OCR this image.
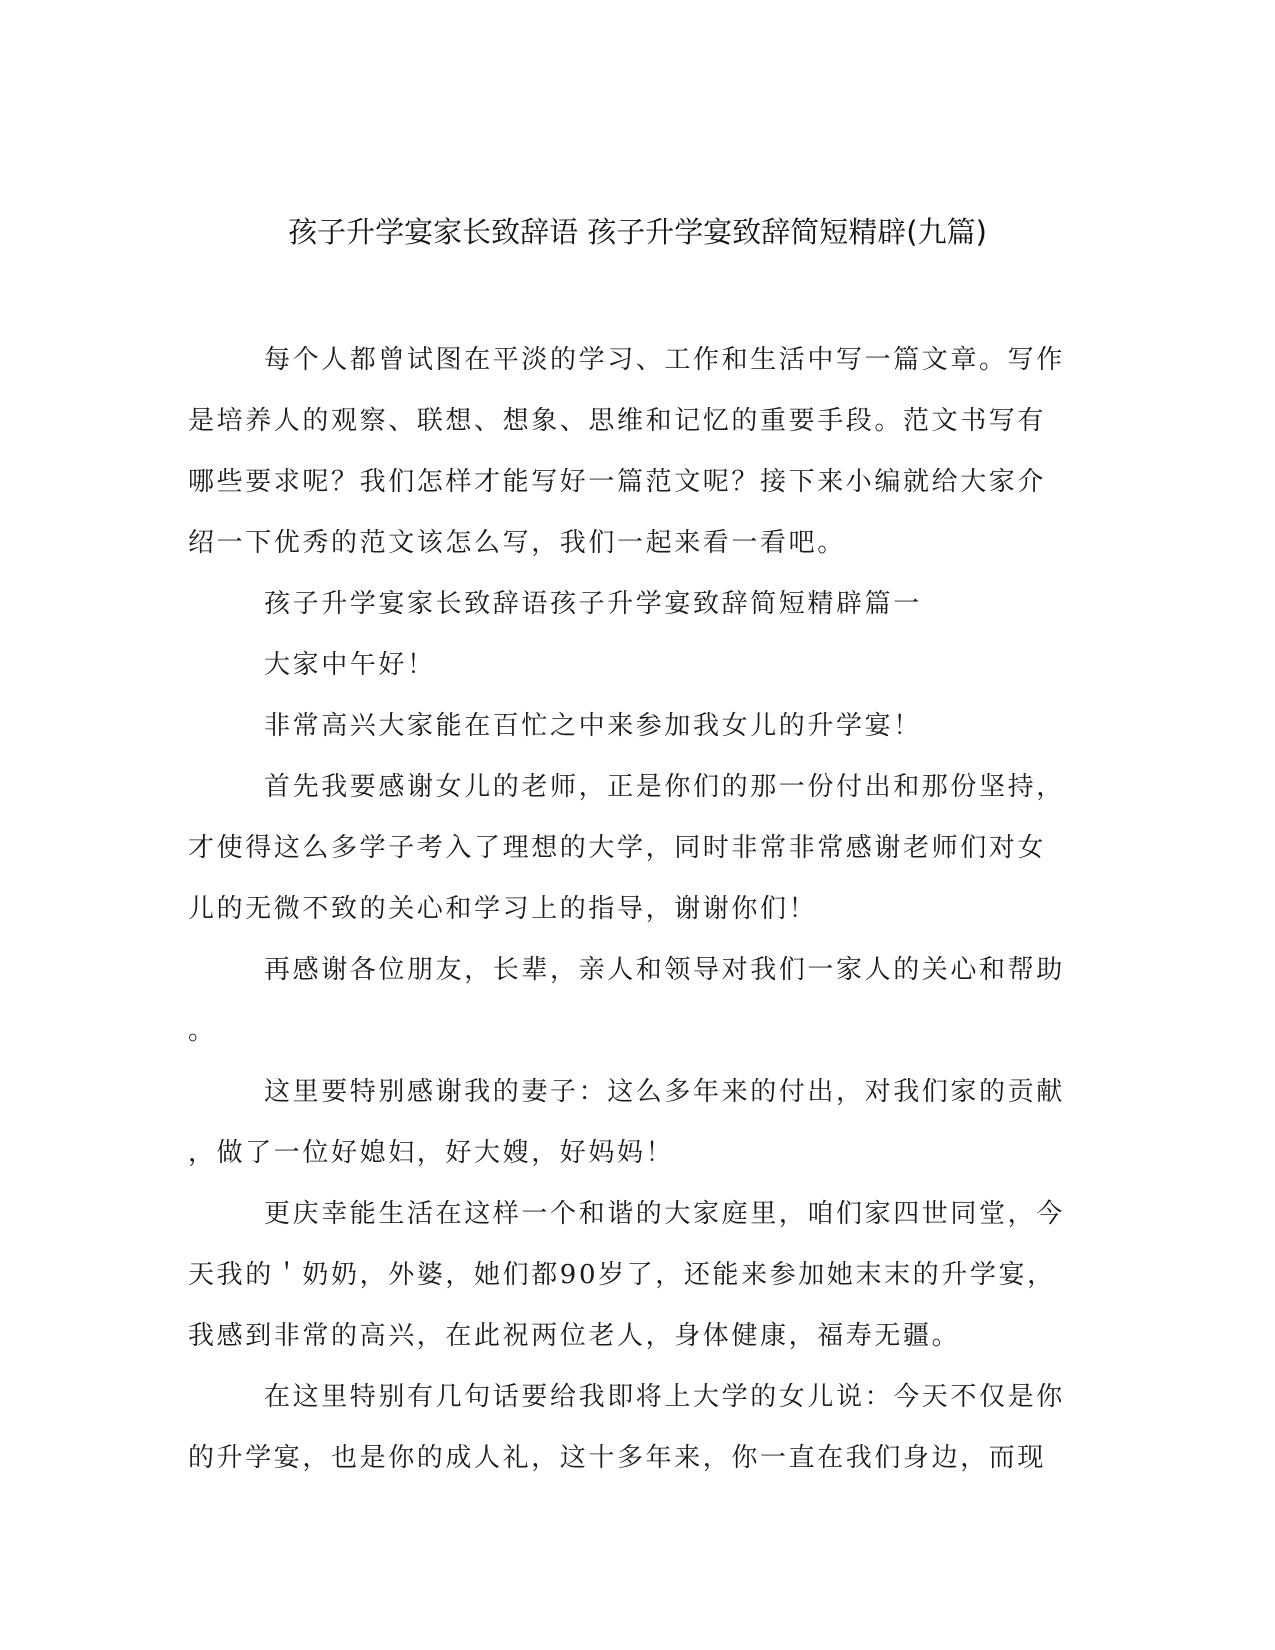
孩子升学宴家长致辞语 孩子升学宴致辞简短精辟(九篇)

每个人都曾试图在平淡的学习、工作和生活中写一篇文章。写作

是培养人的观察、联想、想象、思维和记忆的重要手段。范文书写有

哪些要求呢？我们怎样才能写好一篇范文呢？接下来小编就给大家介

绍一下优秀的范文该怎么写，我们一起来看一看吧。

孩子升学宴家长致辞语孩子升学宴致辞简短精辟篇一

大家中午好！

非常高兴大家能在百忙之中来参加我女儿的升学宴！

首先我要感谢女儿的老师，正是你们的那一份付出和那份坚持，

才使得这么多学子考入了理想的大学，同时非常非常感谢老师们对女

儿的无微不致的关心和学习上的指导，谢谢你们！

再感谢各位朋友，长辈，亲人和领导对我们一家人的关心和帮助

。

这里要特别感谢我的妻子：这么多年来的付出，对我们家的贡献

，做了一位好媳妇，好大嫂，好妈妈！

更庆幸能生活在这样一个和谐的大家庭里，咱们家四世同堂，今

天我的＇奶奶，外婆，她们都90岁了，还能来参加她末末的升学宴，

我感到非常的高兴，在此祝两位老人，身体健康，福寿无疆。

在这里特别有几句话要给我即将上大学的女儿说：今天不仅是你

的升学宴，也是你的成人礼，这十多年来，你一直在我们身边，而现
